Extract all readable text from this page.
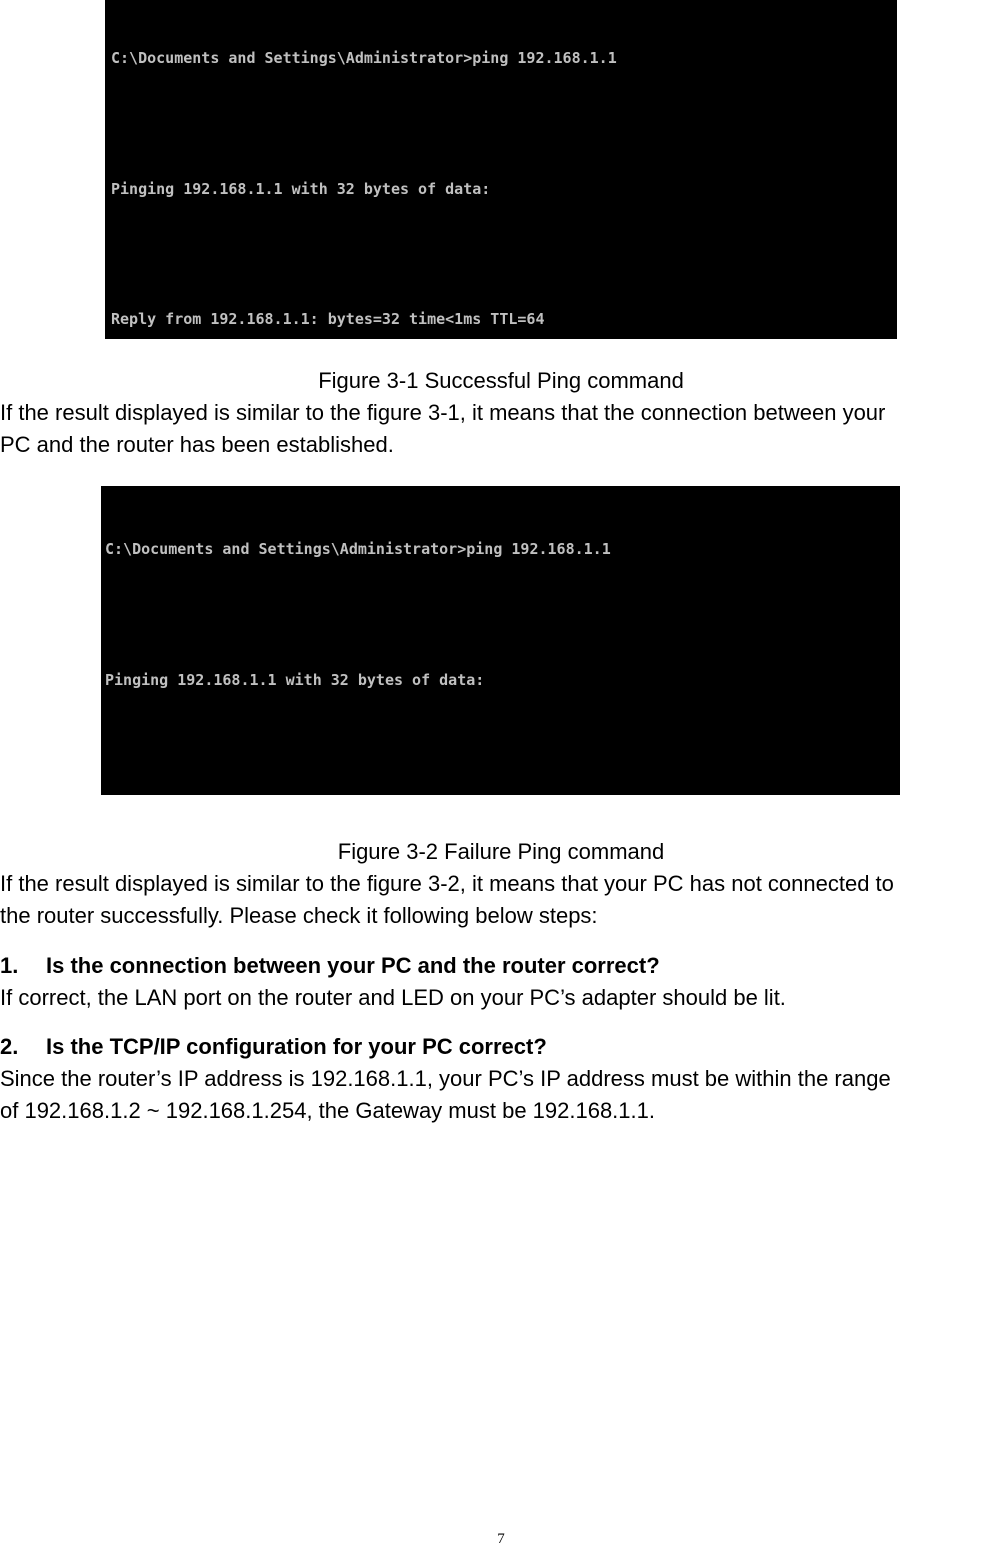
C:\Documents and Settings\Administrator>ping 192.168.1.1

Pinging 192.168.1.1 with 32 bytes of data:

Reply from 192.168.1.1: bytes=32 time<1ms TTL=64

Figure 3-1 Successful Ping command
If the result displayed is similar to the figure 3-1, it means that the connection between your
PC and the router has been established.

C:\Documents and Settings\Administrator>ping 192.168.1.1

Pinging 192.168.1.1 with 32 bytes of data:

Figure 3-2 Failure Ping command
If the result displayed is similar to the figure 3-2, it means that your PC has not connected to
the router successfully. Please check it following below steps:
1. Is the connection between your PC and the router correct?
If correct, the LAN port on the router and LED on your PC’s adapter should be lit.
2. Is the TCP/IP configuration for your PC correct?
Since the router’s IP address is 192.168.1.1, your PC’s IP address must be within the range
of 192.168.1.2 ~ 192.168.1.254, the Gateway must be 192.168.1.1.
7
